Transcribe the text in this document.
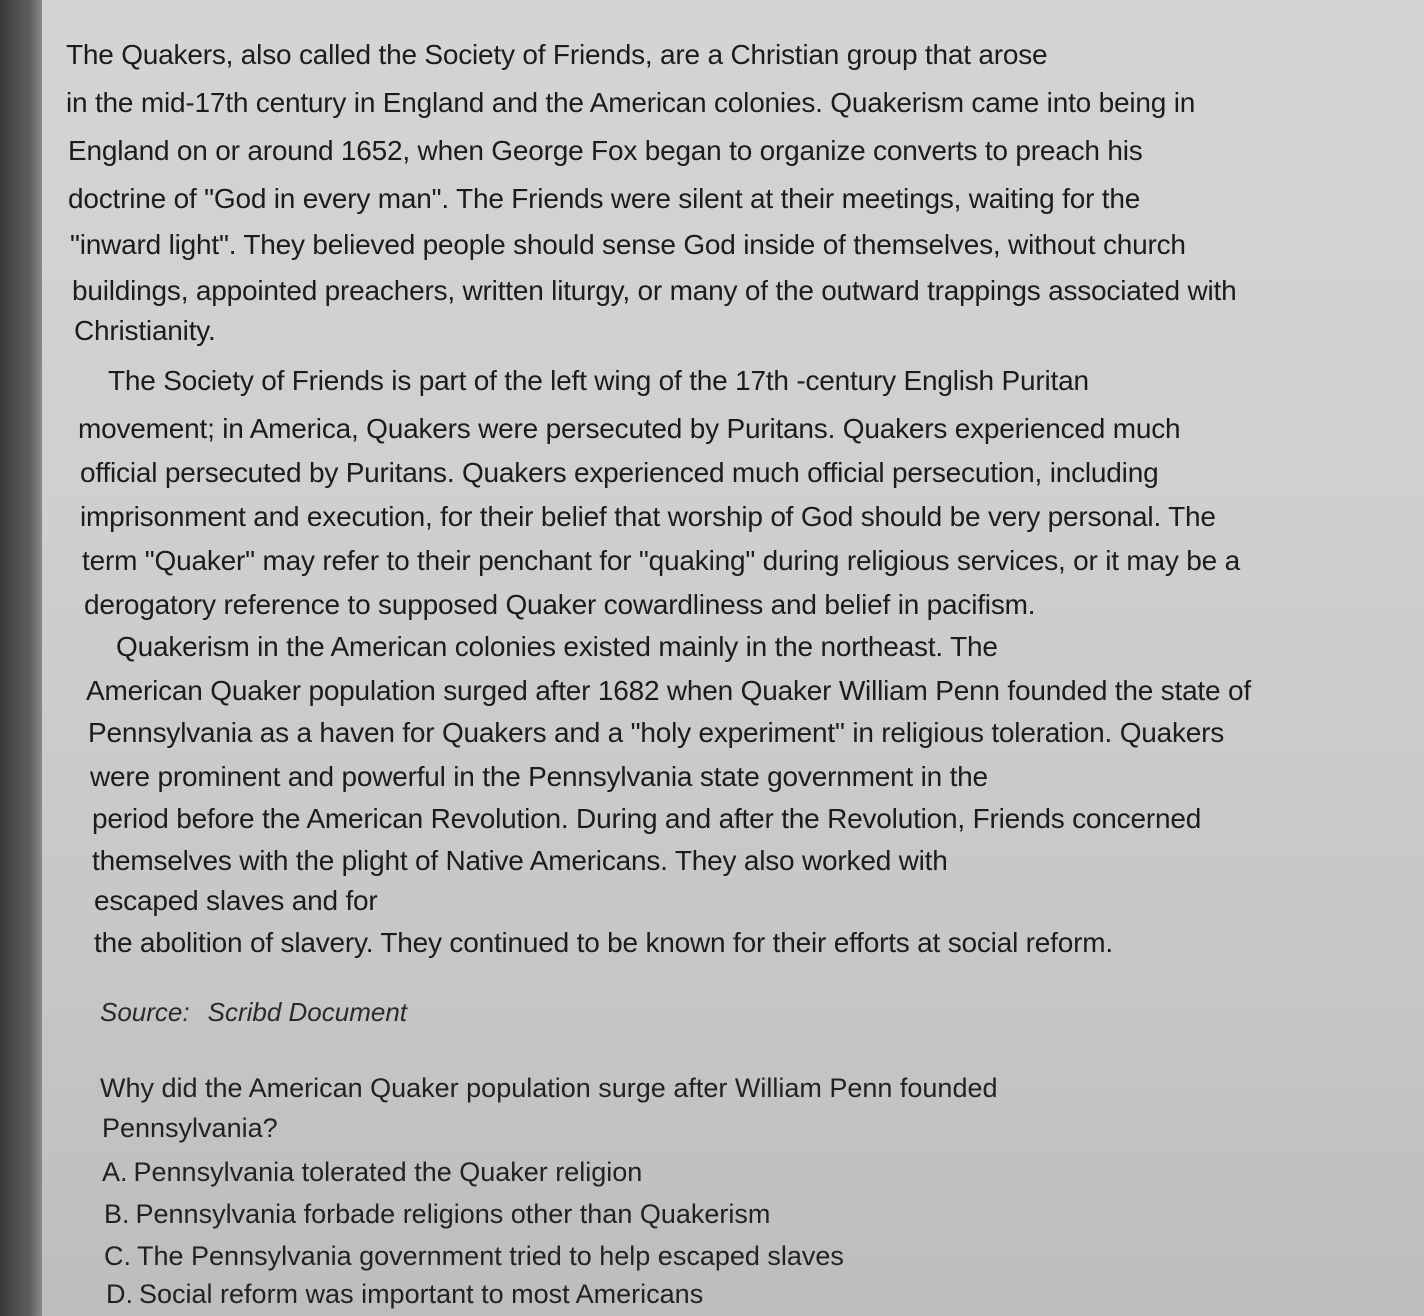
The Quakers, also called the Society of Friends, are a Christian group that arose
in the mid-17th century in England and the American colonies. Quakerism came into being in
England on or around 1652, when George Fox began to organize converts to preach his
doctrine of "God in every man". The Friends were silent at their meetings, waiting for the
"inward light". They believed people should sense God inside of themselves, without church
buildings, appointed preachers, written liturgy, or many of the outward trappings associated with
Christianity.
The Society of Friends is part of the left wing of the 17th -century English Puritan
movement; in America, Quakers were persecuted by Puritans. Quakers experienced much
official persecuted by Puritans. Quakers experienced much official persecution, including
imprisonment and execution, for their belief that worship of God should be very personal. The
term "Quaker" may refer to their penchant for "quaking" during religious services, or it may be a
derogatory reference to supposed Quaker cowardliness and belief in pacifism.
Quakerism in the American colonies existed mainly in the northeast. The
American Quaker population surged after 1682 when Quaker William Penn founded the state of
Pennsylvania as a haven for Quakers and a "holy experiment" in religious toleration. Quakers
were prominent and powerful in the Pennsylvania state government in the
period before the American Revolution. During and after the Revolution, Friends concerned
themselves with the plight of Native Americans. They also worked with
escaped slaves and for
the abolition of slavery. They continued to be known for their efforts at social reform.
Source: Scribd Document
Why did the American Quaker population surge after William Penn founded
Pennsylvania?
A. Pennsylvania tolerated the Quaker religion
B. Pennsylvania forbade religions other than Quakerism
C. The Pennsylvania government tried to help escaped slaves
D. Social reform was important to most Americans
